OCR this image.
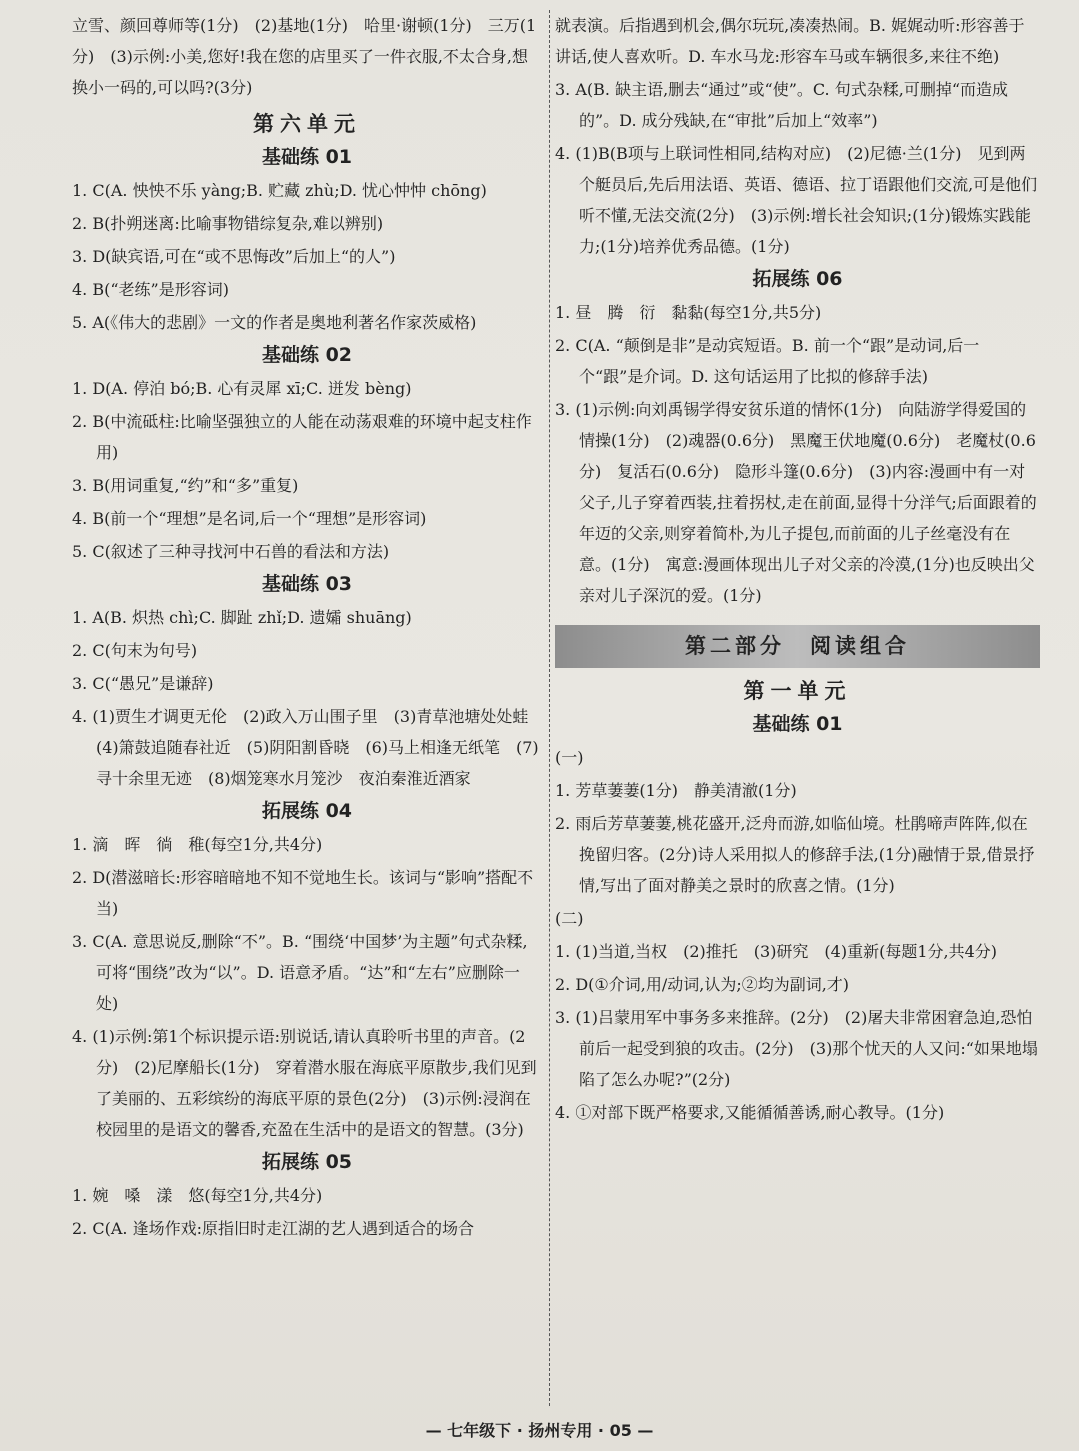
立雪、颜回尊师等(1分)　(2)基地(1分)　哈里·谢顿(1分)　三万(1分)　(3)示例:小美,您好!我在您的店里买了一件衣服,不太合身,想换小一码的,可以吗?(3分)
第六单元
基础练 01
1. C(A. 怏怏不乐 yàng;B. 贮藏 zhù;D. 忧心忡忡 chōng)
2. B(扑朔迷离:比喻事物错综复杂,难以辨别)
3. D(缺宾语,可在“或不思悔改”后加上“的人”)
4. B(“老练”是形容词)
5. A(《伟大的悲剧》一文的作者是奥地利著名作家茨威格)
基础练 02
1. D(A. 停泊 bó;B. 心有灵犀 xī;C. 迸发 bèng)
2. B(中流砥柱:比喻坚强独立的人能在动荡艰难的环境中起支柱作用)
3. B(用词重复,“约”和“多”重复)
4. B(前一个“理想”是名词,后一个“理想”是形容词)
5. C(叙述了三种寻找河中石兽的看法和方法)
基础练 03
1. A(B. 炽热 chì;C. 脚趾 zhǐ;D. 遗孀 shuāng)
2. C(句末为句号)
3. C(“愚兄”是谦辞)
4. (1)贾生才调更无伦　(2)政入万山围子里　(3)青草池塘处处蛙　(4)箫鼓追随春社近　(5)阴阳割昏晓　(6)马上相逢无纸笔　(7)寻十余里无迹　(8)烟笼寒水月笼沙　夜泊秦淮近酒家
拓展练 04
1. 滴　晖　徜　稚(每空1分,共4分)
2. D(潜滋暗长:形容暗暗地不知不觉地生长。该词与“影响”搭配不当)
3. C(A. 意思说反,删除“不”。B. “围绕‘中国梦’为主题”句式杂糅,可将“围绕”改为“以”。D. 语意矛盾。“达”和“左右”应删除一处)
4. (1)示例:第1个标识提示语:别说话,请认真聆听书里的声音。(2分)　(2)尼摩船长(1分)　穿着潜水服在海底平原散步,我们见到了美丽的、五彩缤纷的海底平原的景色(2分)　(3)示例:浸润在校园里的是语文的馨香,充盈在生活中的是语文的智慧。(3分)
拓展练 05
1. 婉　嗓　漾　悠(每空1分,共4分)
2. C(A. 逢场作戏:原指旧时走江湖的艺人遇到适合的场合
就表演。后指遇到机会,偶尔玩玩,凑凑热闹。B. 娓娓动听:形容善于讲话,使人喜欢听。D. 车水马龙:形容车马或车辆很多,来往不绝)
3. A(B. 缺主语,删去“通过”或“使”。C. 句式杂糅,可删掉“而造成的”。D. 成分残缺,在“审批”后加上“效率”)
4. (1)B(B项与上联词性相同,结构对应)　(2)尼德·兰(1分)　见到两个艇员后,先后用法语、英语、德语、拉丁语跟他们交流,可是他们听不懂,无法交流(2分)　(3)示例:增长社会知识;(1分)锻炼实践能力;(1分)培养优秀品德。(1分)
拓展练 06
1. 昼　腾　衍　黏黏(每空1分,共5分)
2. C(A. “颠倒是非”是动宾短语。B. 前一个“跟”是动词,后一个“跟”是介词。D. 这句话运用了比拟的修辞手法)
3. (1)示例:向刘禹锡学得安贫乐道的情怀(1分)　向陆游学得爱国的情操(1分)　(2)魂器(0.6分)　黑魔王伏地魔(0.6分)　老魔杖(0.6分)　复活石(0.6分)　隐形斗篷(0.6分)　(3)内容:漫画中有一对父子,儿子穿着西装,拄着拐杖,走在前面,显得十分洋气;后面跟着的年迈的父亲,则穿着简朴,为儿子提包,而前面的儿子丝毫没有在意。(1分)　寓意:漫画体现出儿子对父亲的冷漠,(1分)也反映出父亲对儿子深沉的爱。(1分)
第二部分　阅读组合
第一单元
基础练 01
(一)
1. 芳草萋萋(1分)　静美清澈(1分)
2. 雨后芳草萋萋,桃花盛开,泛舟而游,如临仙境。杜鹃啼声阵阵,似在挽留归客。(2分)诗人采用拟人的修辞手法,(1分)融情于景,借景抒情,写出了面对静美之景时的欣喜之情。(1分)
(二)
1. (1)当道,当权　(2)推托　(3)研究　(4)重新(每题1分,共4分)
2. D(①介词,用/动词,认为;②均为副词,才)
3. (1)吕蒙用军中事务多来推辞。(2分)　(2)屠夫非常困窘急迫,恐怕前后一起受到狼的攻击。(2分)　(3)那个忧天的人又问:“如果地塌陷了怎么办呢?”(2分)
4. ①对部下既严格要求,又能循循善诱,耐心教导。(1分)
— 七年级下 · 扬州专用 · 05 —
